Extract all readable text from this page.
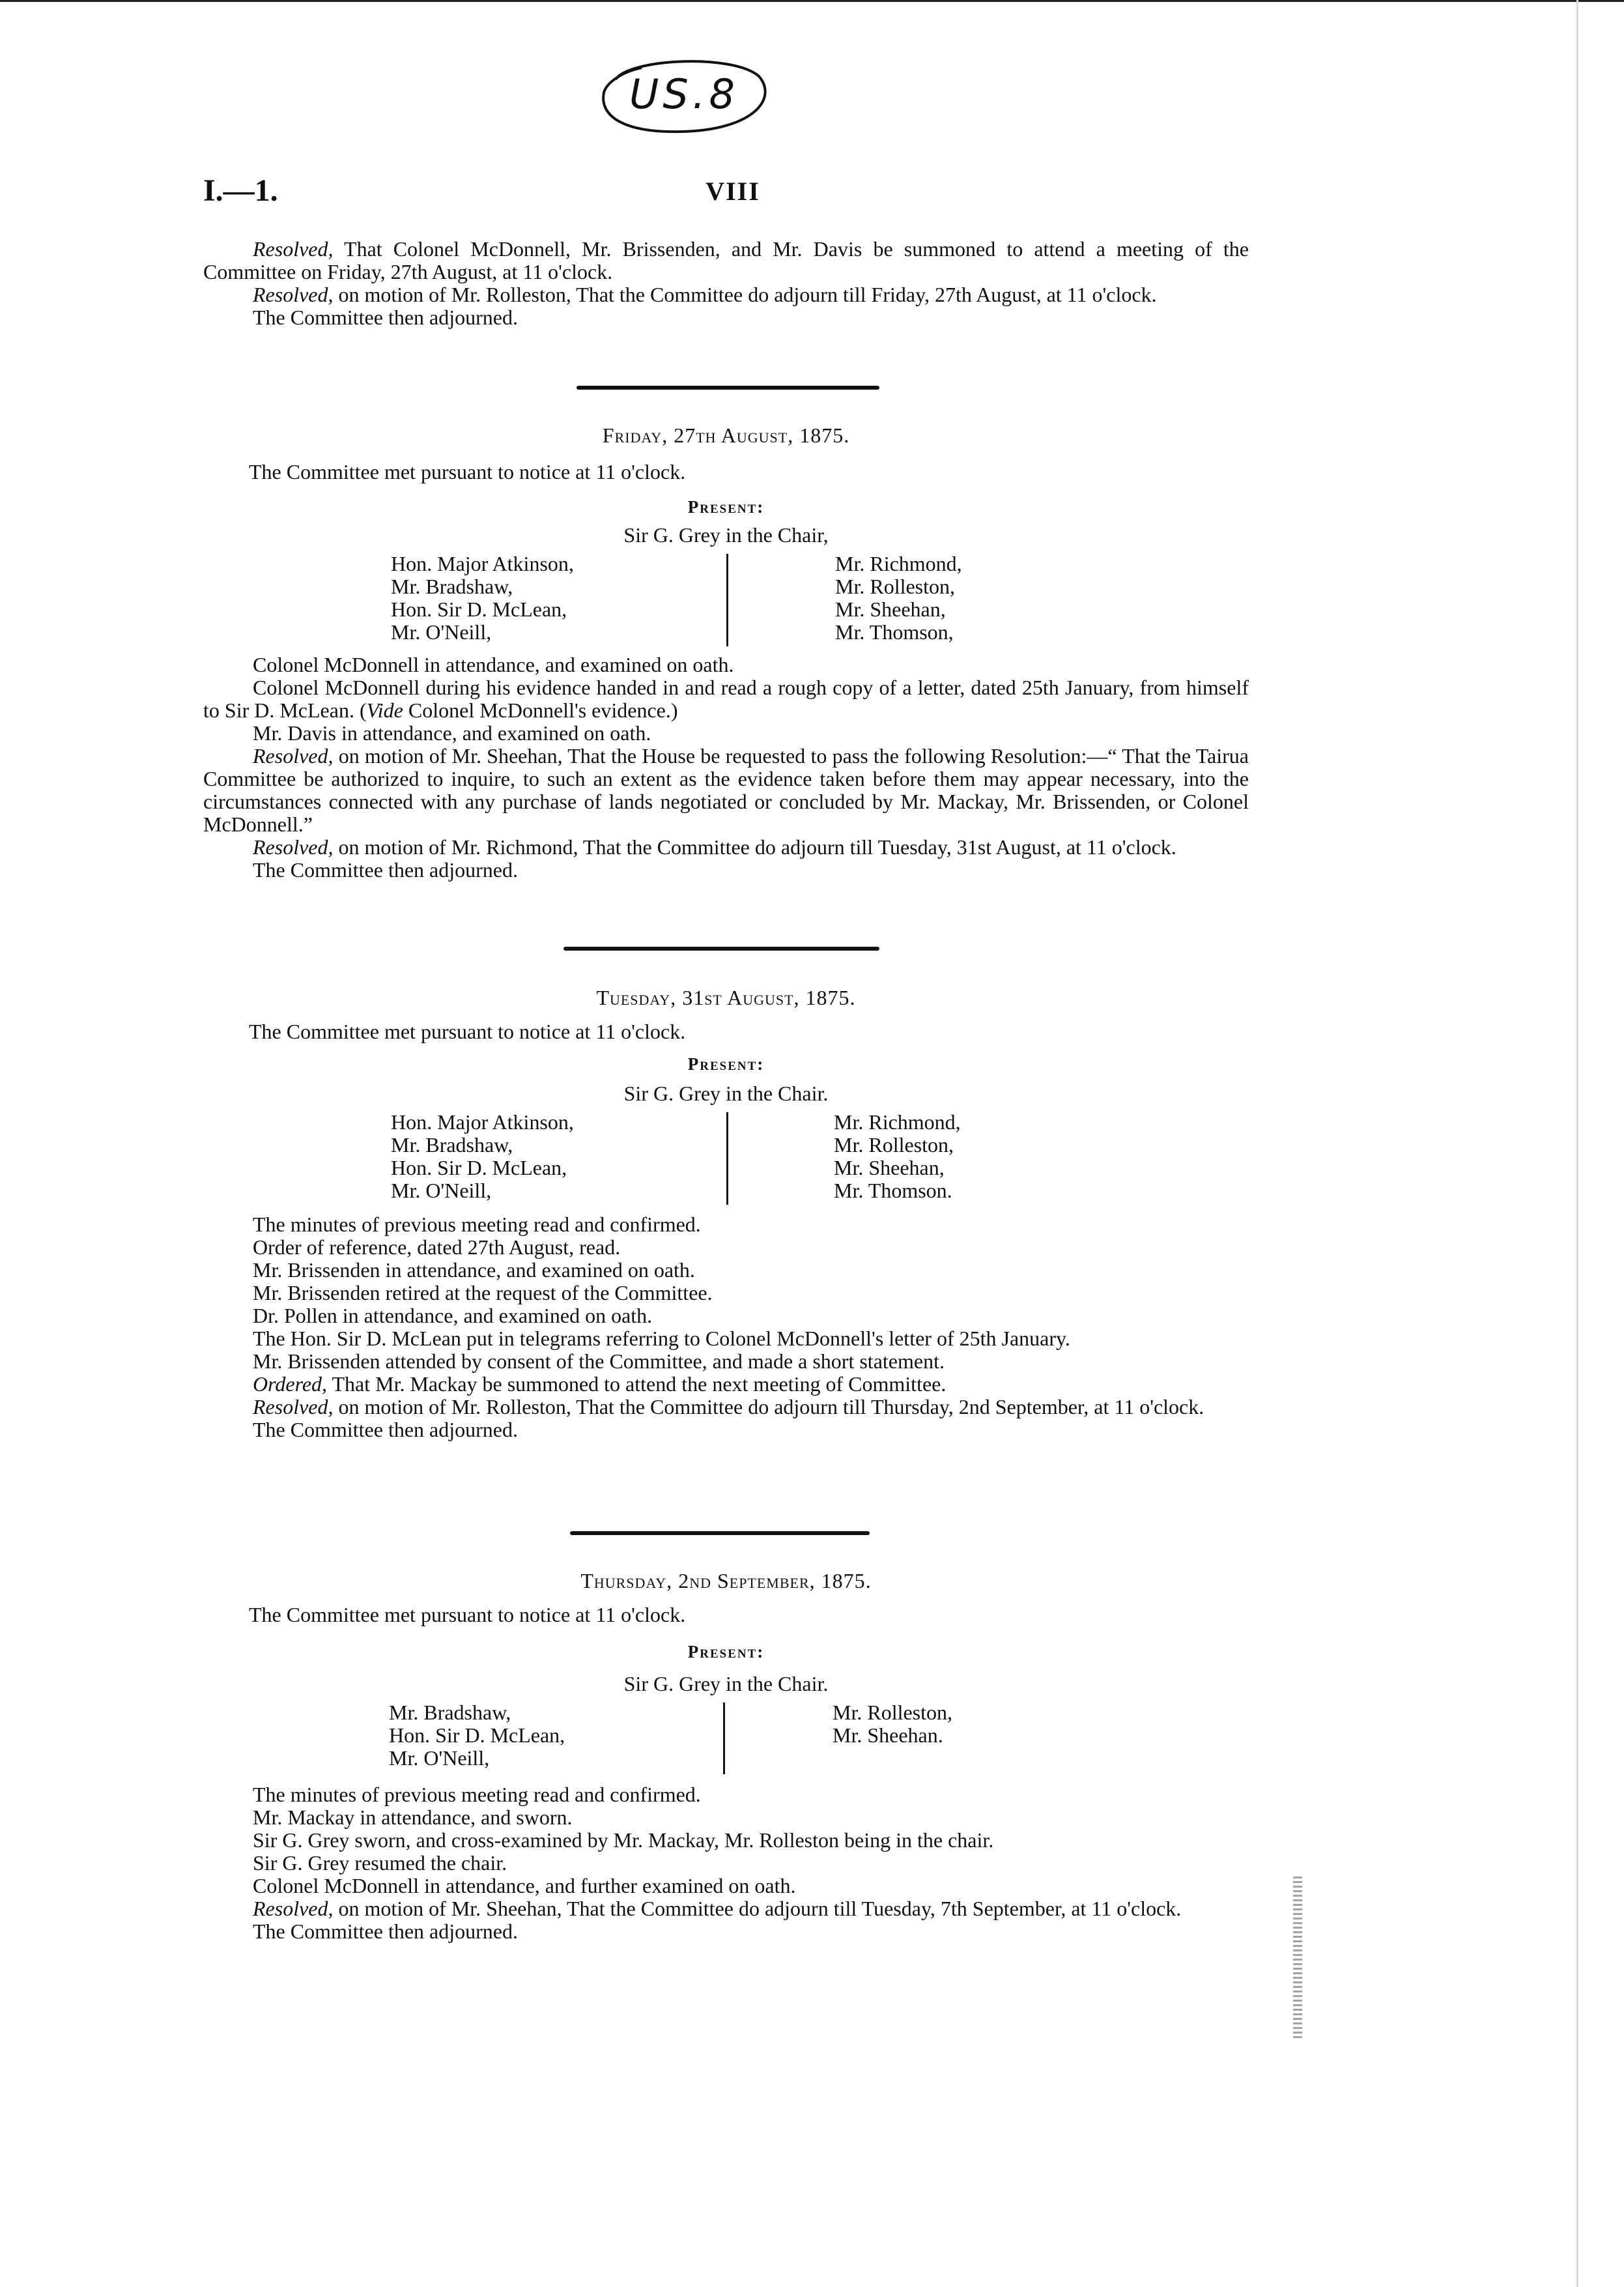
US.8
I.—1.	VIII

Resolved, That Colonel McDonnell, Mr. Brissenden, and Mr. Davis be summoned to attend a meeting of the Committee on Friday, 27th August, at 11 o'clock.

Resolved, on motion of Mr. Rolleston, That the Committee do adjourn till Friday, 27th August, at 11 o'clock.

The Committee then adjourned.

Friday, 27th August, 1875.

The Committee met pursuant to notice at 11 o'clock.

Present:
Sir G. Grey in the Chair,
Hon. Major Atkinson,
Mr. Bradshaw,
Hon. Sir D. McLean,
Mr. O'Neill,
Mr. Richmond,
Mr. Rolleston,
Mr. Sheehan,
Mr. Thomson,

Colonel McDonnell in attendance, and examined on oath.

Colonel McDonnell during his evidence handed in and read a rough copy of a letter, dated 25th January, from himself to Sir D. McLean. (Vide Colonel McDonnell's evidence.)

Mr. Davis in attendance, and examined on oath.

Resolved, on motion of Mr. Sheehan, That the House be requested to pass the following Resolution:—“ That the Tairua Committee be authorized to inquire, to such an extent as the evidence taken before them may appear necessary, into the circumstances connected with any purchase of lands negotiated or concluded by Mr. Mackay, Mr. Brissenden, or Colonel McDonnell.”

Resolved, on motion of Mr. Richmond, That the Committee do adjourn till Tuesday, 31st August, at 11 o'clock.

The Committee then adjourned.

Tuesday, 31st August, 1875.

The Committee met pursuant to notice at 11 o'clock.

Present:
Sir G. Grey in the Chair.
Hon. Major Atkinson,
Mr. Bradshaw,
Hon. Sir D. McLean,
Mr. O'Neill,
Mr. Richmond,
Mr. Rolleston,
Mr. Sheehan,
Mr. Thomson.

The minutes of previous meeting read and confirmed.

Order of reference, dated 27th August, read.

Mr. Brissenden in attendance, and examined on oath.

Mr. Brissenden retired at the request of the Committee.

Dr. Pollen in attendance, and examined on oath.

The Hon. Sir D. McLean put in telegrams referring to Colonel McDonnell's letter of 25th January.

Mr. Brissenden attended by consent of the Committee, and made a short statement.

Ordered, That Mr. Mackay be summoned to attend the next meeting of Committee.

Resolved, on motion of Mr. Rolleston, That the Committee do adjourn till Thursday, 2nd September, at 11 o'clock.

The Committee then adjourned.

Thursday, 2nd September, 1875.

The Committee met pursuant to notice at 11 o'clock.

Present:
Sir G. Grey in the Chair.
Mr. Bradshaw,
Hon. Sir D. McLean,
Mr. O'Neill,
Mr. Rolleston,
Mr. Sheehan.

The minutes of previous meeting read and confirmed.

Mr. Mackay in attendance, and sworn.

Sir G. Grey sworn, and cross-examined by Mr. Mackay, Mr. Rolleston being in the chair.

Sir G. Grey resumed the chair.

Colonel McDonnell in attendance, and further examined on oath.

Resolved, on motion of Mr. Sheehan, That the Committee do adjourn till Tuesday, 7th September, at 11 o'clock.

The Committee then adjourned.
